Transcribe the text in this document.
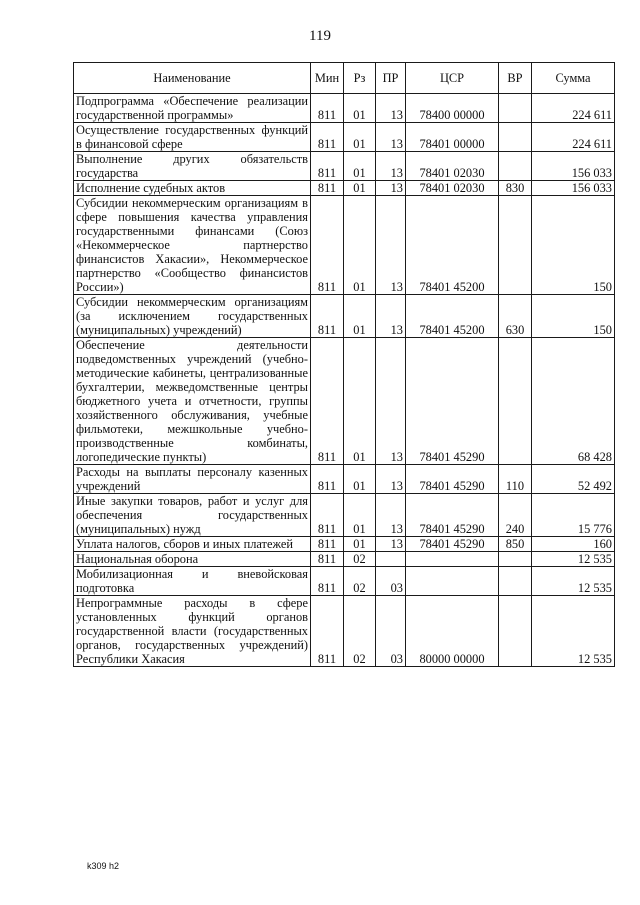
119
Наименование	Мин	Рз	ПР	ЦСР	ВР	Сумма
Подпрограмма «Обеспечение реализации государственной программы»	811	01	13	78400 00000		224 611
Осуществление государственных функций в финансовой сфере	811	01	13	78401 00000		224 611
Выполнение других обязательств государства	811	01	13	78401 02030		156 033
Исполнение судебных актов	811	01	13	78401 02030	830	156 033
Субсидии некоммерческим организациям в сфере повышения качества управления государственными финансами (Союз «Некоммерческое партнерство финансистов Хакасии», Некоммерческое партнерство «Сообщество финансистов России»)	811	01	13	78401 45200		150
Субсидии некоммерческим организациям (за исключением государственных (муниципальных) учреждений)	811	01	13	78401 45200	630	150
Обеспечение деятельности подведомственных учреждений (учебно-методические кабинеты, централизованные бухгалтерии, межведомственные центры бюджетного учета и отчетности, группы хозяйственного обслуживания, учебные фильмотеки, межшкольные учебно-производственные комбинаты, логопедические пункты)	811	01	13	78401 45290		68 428
Расходы на выплаты персоналу казенных учреждений	811	01	13	78401 45290	110	52 492
Иные закупки товаров, работ и услуг для обеспечения государственных (муниципальных) нужд	811	01	13	78401 45290	240	15 776
Уплата налогов, сборов и иных платежей	811	01	13	78401 45290	850	160
Национальная оборона	811	02				12 535
Мобилизационная и вневойсковая подготовка	811	02	03			12 535
Непрограммные расходы в сфере установленных функций органов государственной власти (государственных органов, государственных учреждений) Республики Хакасия	811	02	03	80000 00000		12 535
k309 h2
